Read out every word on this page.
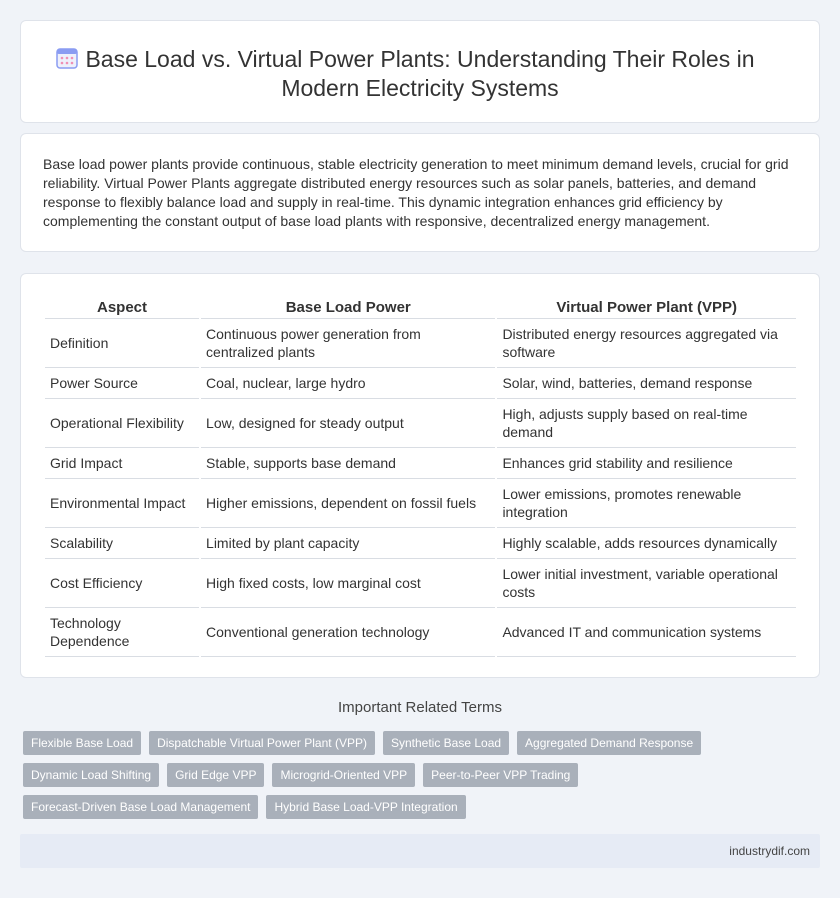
Base Load vs. Virtual Power Plants: Understanding Their Roles in Modern Electricity Systems

Base load power plants provide continuous, stable electricity generation to meet minimum demand levels, crucial for grid reliability. Virtual Power Plants aggregate distributed energy resources such as solar panels, batteries, and demand response to flexibly balance load and supply in real-time. This dynamic integration enhances grid efficiency by complementing the constant output of base load plants with responsive, decentralized energy management.

Aspect	Base Load Power	Virtual Power Plant (VPP)
Definition	Continuous power generation from centralized plants	Distributed energy resources aggregated via software
Power Source	Coal, nuclear, large hydro	Solar, wind, batteries, demand response
Operational Flexibility	Low, designed for steady output	High, adjusts supply based on real-time demand
Grid Impact	Stable, supports base demand	Enhances grid stability and resilience
Environmental Impact	Higher emissions, dependent on fossil fuels	Lower emissions, promotes renewable integration
Scalability	Limited by plant capacity	Highly scalable, adds resources dynamically
Cost Efficiency	High fixed costs, low marginal cost	Lower initial investment, variable operational costs
Technology Dependence	Conventional generation technology	Advanced IT and communication systems
Important Related Terms
Flexible Base Load	Dispatchable Virtual Power Plant (VPP)	Synthetic Base Load	Aggregated Demand Response
Dynamic Load Shifting	Grid Edge VPP	Microgrid-Oriented VPP	Peer-to-Peer VPP Trading
Forecast-Driven Base Load Management	Hybrid Base Load-VPP Integration
industrydif.com
